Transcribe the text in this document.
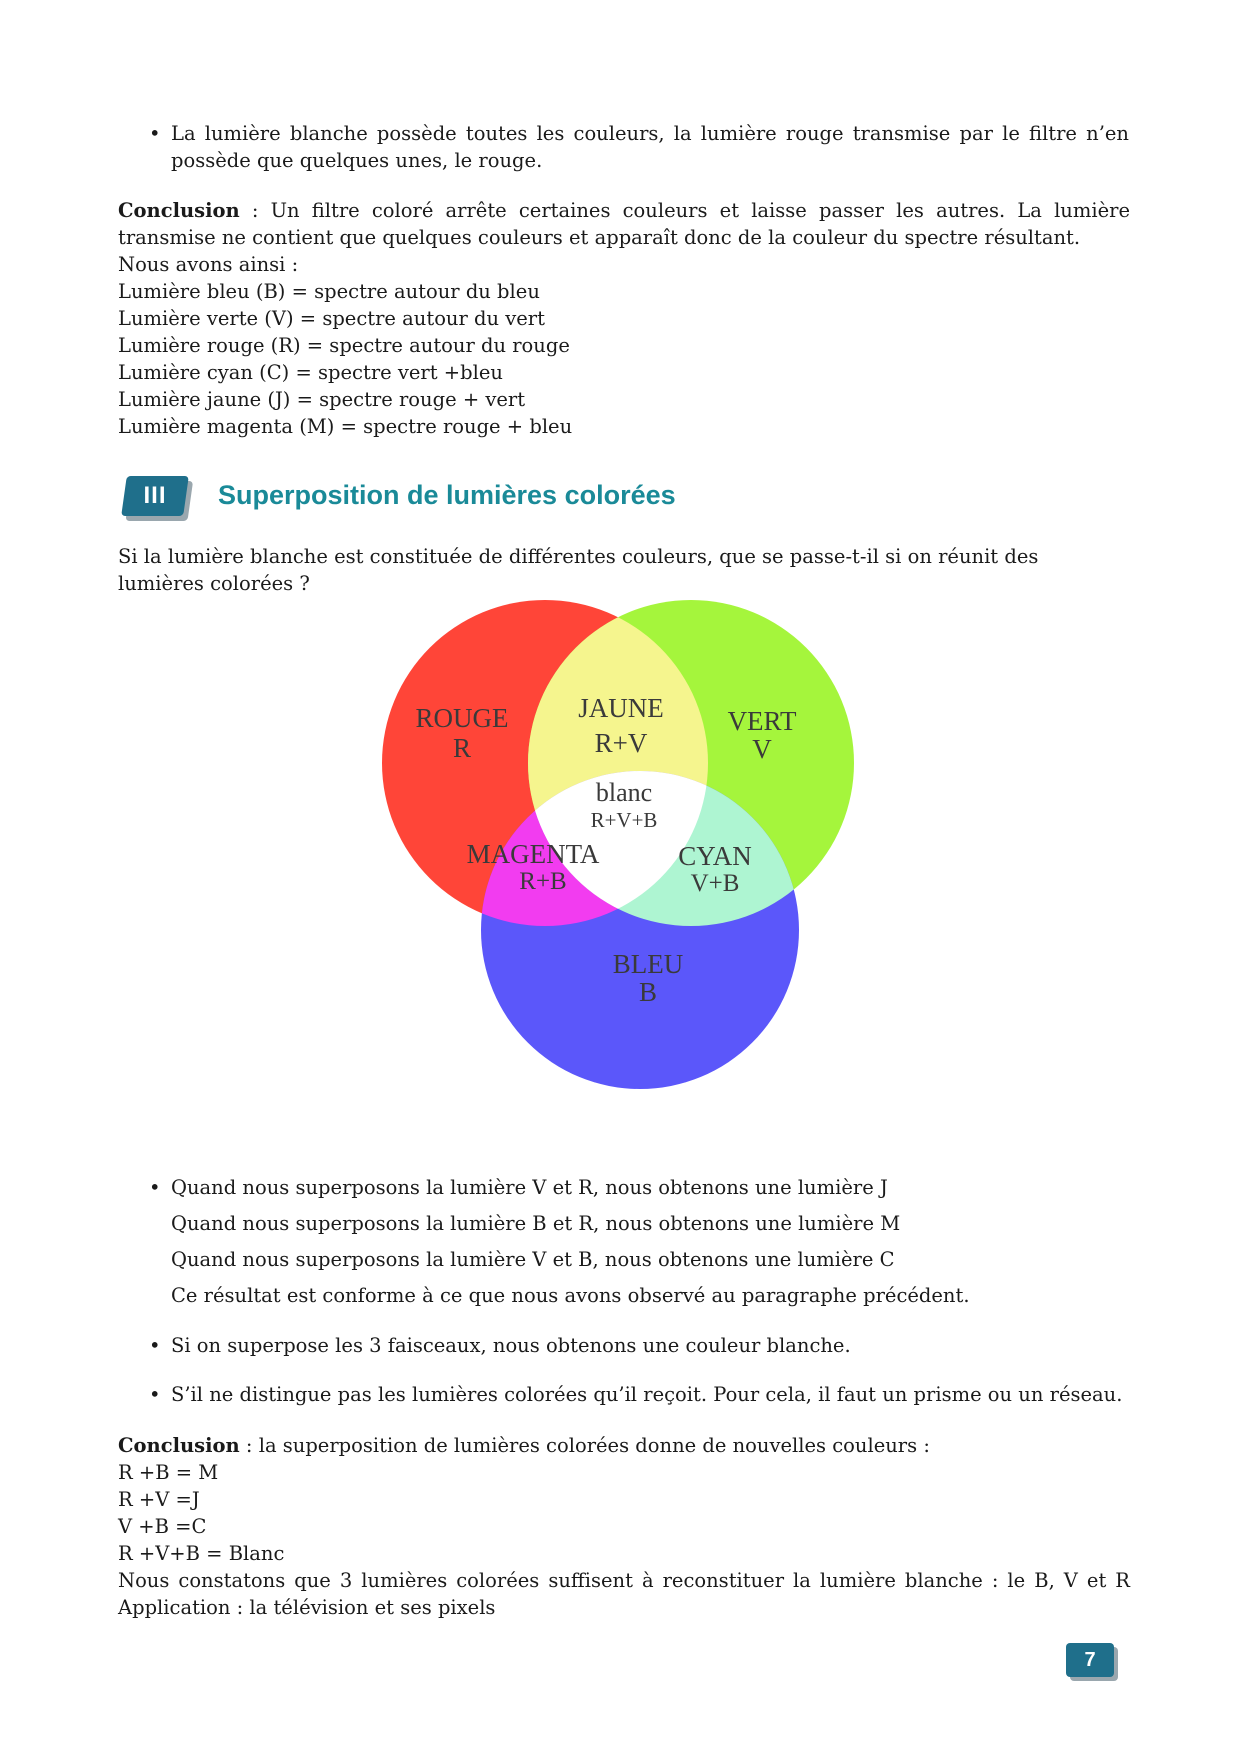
• La lumière blanche possède toutes les couleurs, la lumière rouge transmise par le filtre n’en possède que quelques unes, le rouge.
Conclusion : Un filtre coloré arrête certaines couleurs et laisse passer les autres. La lumière transmise ne contient que quelques couleurs et apparaît donc de la couleur du spectre résultant.
Nous avons ainsi :
Lumière bleu (B) = spectre autour du bleu
Lumière verte (V) = spectre autour du vert
Lumière rouge (R) = spectre autour du rouge
Lumière cyan (C) = spectre vert +bleu
Lumière jaune (J) = spectre rouge + vert
Lumière magenta (M) = spectre rouge + bleu
III	Superposition de lumières colorées
Si la lumière blanche est constituée de différentes couleurs, que se passe-t-il si on réunit des lumières colorées ?
ROUGE
R
JAUNE
R+V
VERT
V
blanc
R+V+B
MAGENTA
R+B
CYAN
V+B
BLEU
B
• Quand nous superposons la lumière V et R, nous obtenons une lumière J
Quand nous superposons la lumière B et R, nous obtenons une lumière M
Quand nous superposons la lumière V et B, nous obtenons une lumière C
Ce résultat est conforme à ce que nous avons observé au paragraphe précédent.
• Si on superpose les 3 faisceaux, nous obtenons une couleur blanche.
• S’il ne distingue pas les lumières colorées qu’il reçoit. Pour cela, il faut un prisme ou un réseau.
Conclusion : la superposition de lumières colorées donne de nouvelles couleurs :
R +B = M
R +V =J
V +B =C
R +V+B = Blanc
Nous constatons que 3 lumières colorées suffisent à reconstituer la lumière blanche : le B, V et R Application : la télévision et ses pixels
7
